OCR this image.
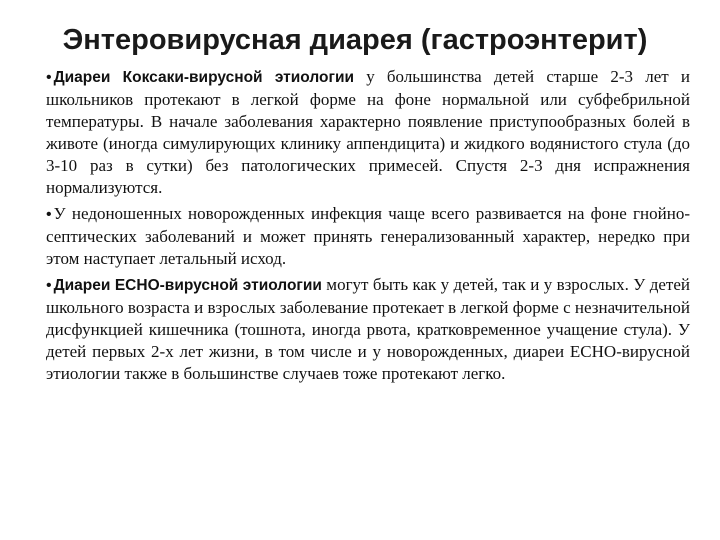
Энтеровирусная диарея (гастроэнтерит)

• Диареи Коксаки-вирусной этиологии у большинства детей старше 2-3 лет и школьников протекают в легкой форме на фоне нормальной или субфебрильной температуры. В начале заболевания характерно появление приступообразных болей в животе (иногда симулирующих клинику аппендицита) и жидкого водянистого стула (до 3-10 раз в сутки) без патологических примесей. Спустя 2-3 дня испражнения нормализуются.

• У недоношенных новорожденных инфекция чаще всего развивается на фоне гнойно-септических заболеваний и может принять генерализованный характер, нередко при этом наступает летальный исход.

• Диареи ЕСНО-вирусной этиологии могут быть как у детей, так и у взрослых. У детей школьного возраста и взрослых заболевание протекает в легкой форме с незначительной дисфункцией кишечника (тошнота, иногда рвота, кратковременное учащение стула). У детей первых 2-х лет жизни, в том числе и у новорожденных, диареи ЕСНО-вирусной этиологии также в большинстве случаев тоже протекают легко.
